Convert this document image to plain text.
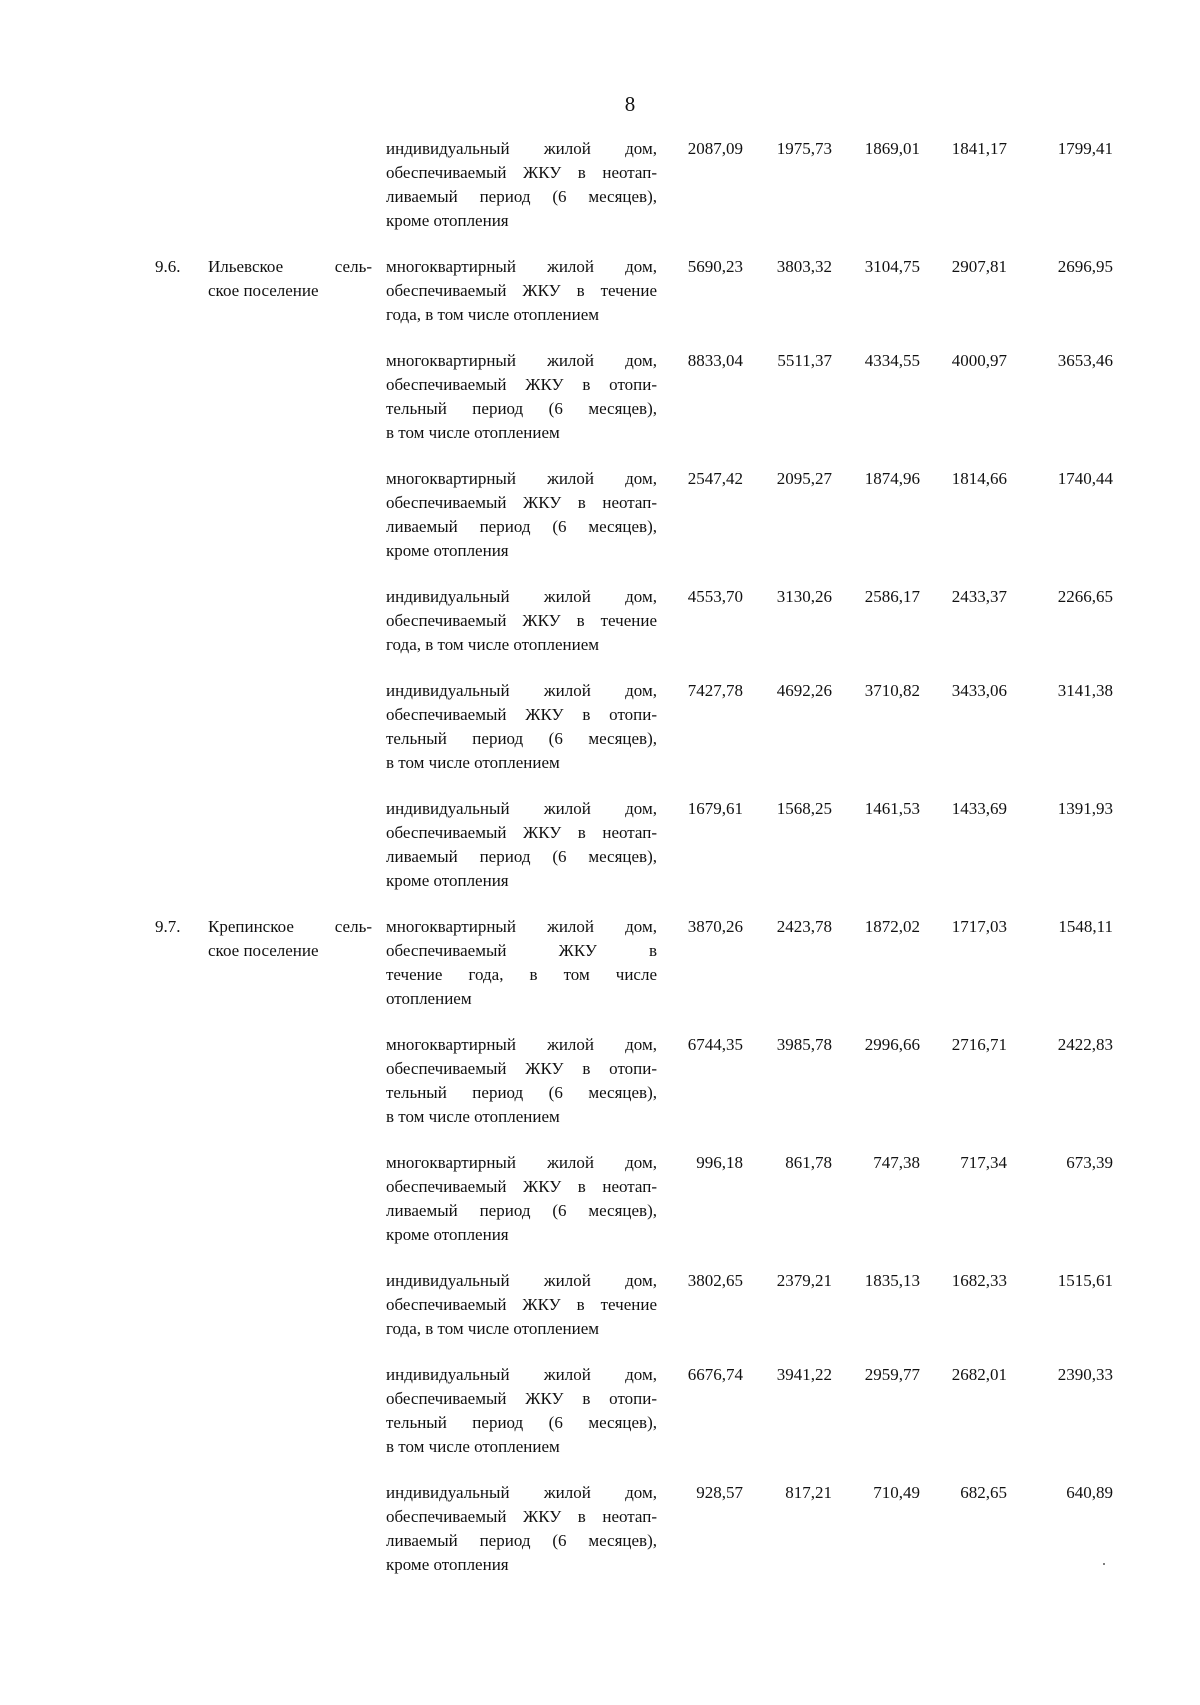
8
индивидуальный жилой дом,
обеспечиваемый ЖКУ в неотап-
ливаемый период (6 месяцев),
кроме отопления
2087,09	1975,73	1869,01	1841,17	1799,41
9.6. Ильевское сель-
ское поселение
многоквартирный жилой дом,
обеспечиваемый ЖКУ в течение
года, в том числе отоплением
5690,23	3803,32	3104,75	2907,81	2696,95
многоквартирный жилой дом,
обеспечиваемый ЖКУ в отопи-
тельный период (6 месяцев),
в том числе отоплением
8833,04	5511,37	4334,55	4000,97	3653,46
многоквартирный жилой дом,
обеспечиваемый ЖКУ в неотап-
ливаемый период (6 месяцев),
кроме отопления
2547,42	2095,27	1874,96	1814,66	1740,44
индивидуальный жилой дом,
обеспечиваемый ЖКУ в течение
года, в том числе отоплением
4553,70	3130,26	2586,17	2433,37	2266,65
индивидуальный жилой дом,
обеспечиваемый ЖКУ в отопи-
тельный период (6 месяцев),
в том числе отоплением
7427,78	4692,26	3710,82	3433,06	3141,38
индивидуальный жилой дом,
обеспечиваемый ЖКУ в неотап-
ливаемый период (6 месяцев),
кроме отопления
1679,61	1568,25	1461,53	1433,69	1391,93
9.7. Крепинское сель-
ское поселение
многоквартирный жилой дом,
обеспечиваемый ЖКУ в
течение года, в том числе
отоплением
3870,26	2423,78	1872,02	1717,03	1548,11
многоквартирный жилой дом,
обеспечиваемый ЖКУ в отопи-
тельный период (6 месяцев),
в том числе отоплением
6744,35	3985,78	2996,66	2716,71	2422,83
многоквартирный жилой дом,
обеспечиваемый ЖКУ в неотап-
ливаемый период (6 месяцев),
кроме отопления
996,18	861,78	747,38	717,34	673,39
индивидуальный жилой дом,
обеспечиваемый ЖКУ в течение
года, в том числе отоплением
3802,65	2379,21	1835,13	1682,33	1515,61
индивидуальный жилой дом,
обеспечиваемый ЖКУ в отопи-
тельный период (6 месяцев),
в том числе отоплением
6676,74	3941,22	2959,77	2682,01	2390,33
индивидуальный жилой дом,
обеспечиваемый ЖКУ в неотап-
ливаемый период (6 месяцев),
кроме отопления
928,57	817,21	710,49	682,65	640,89
